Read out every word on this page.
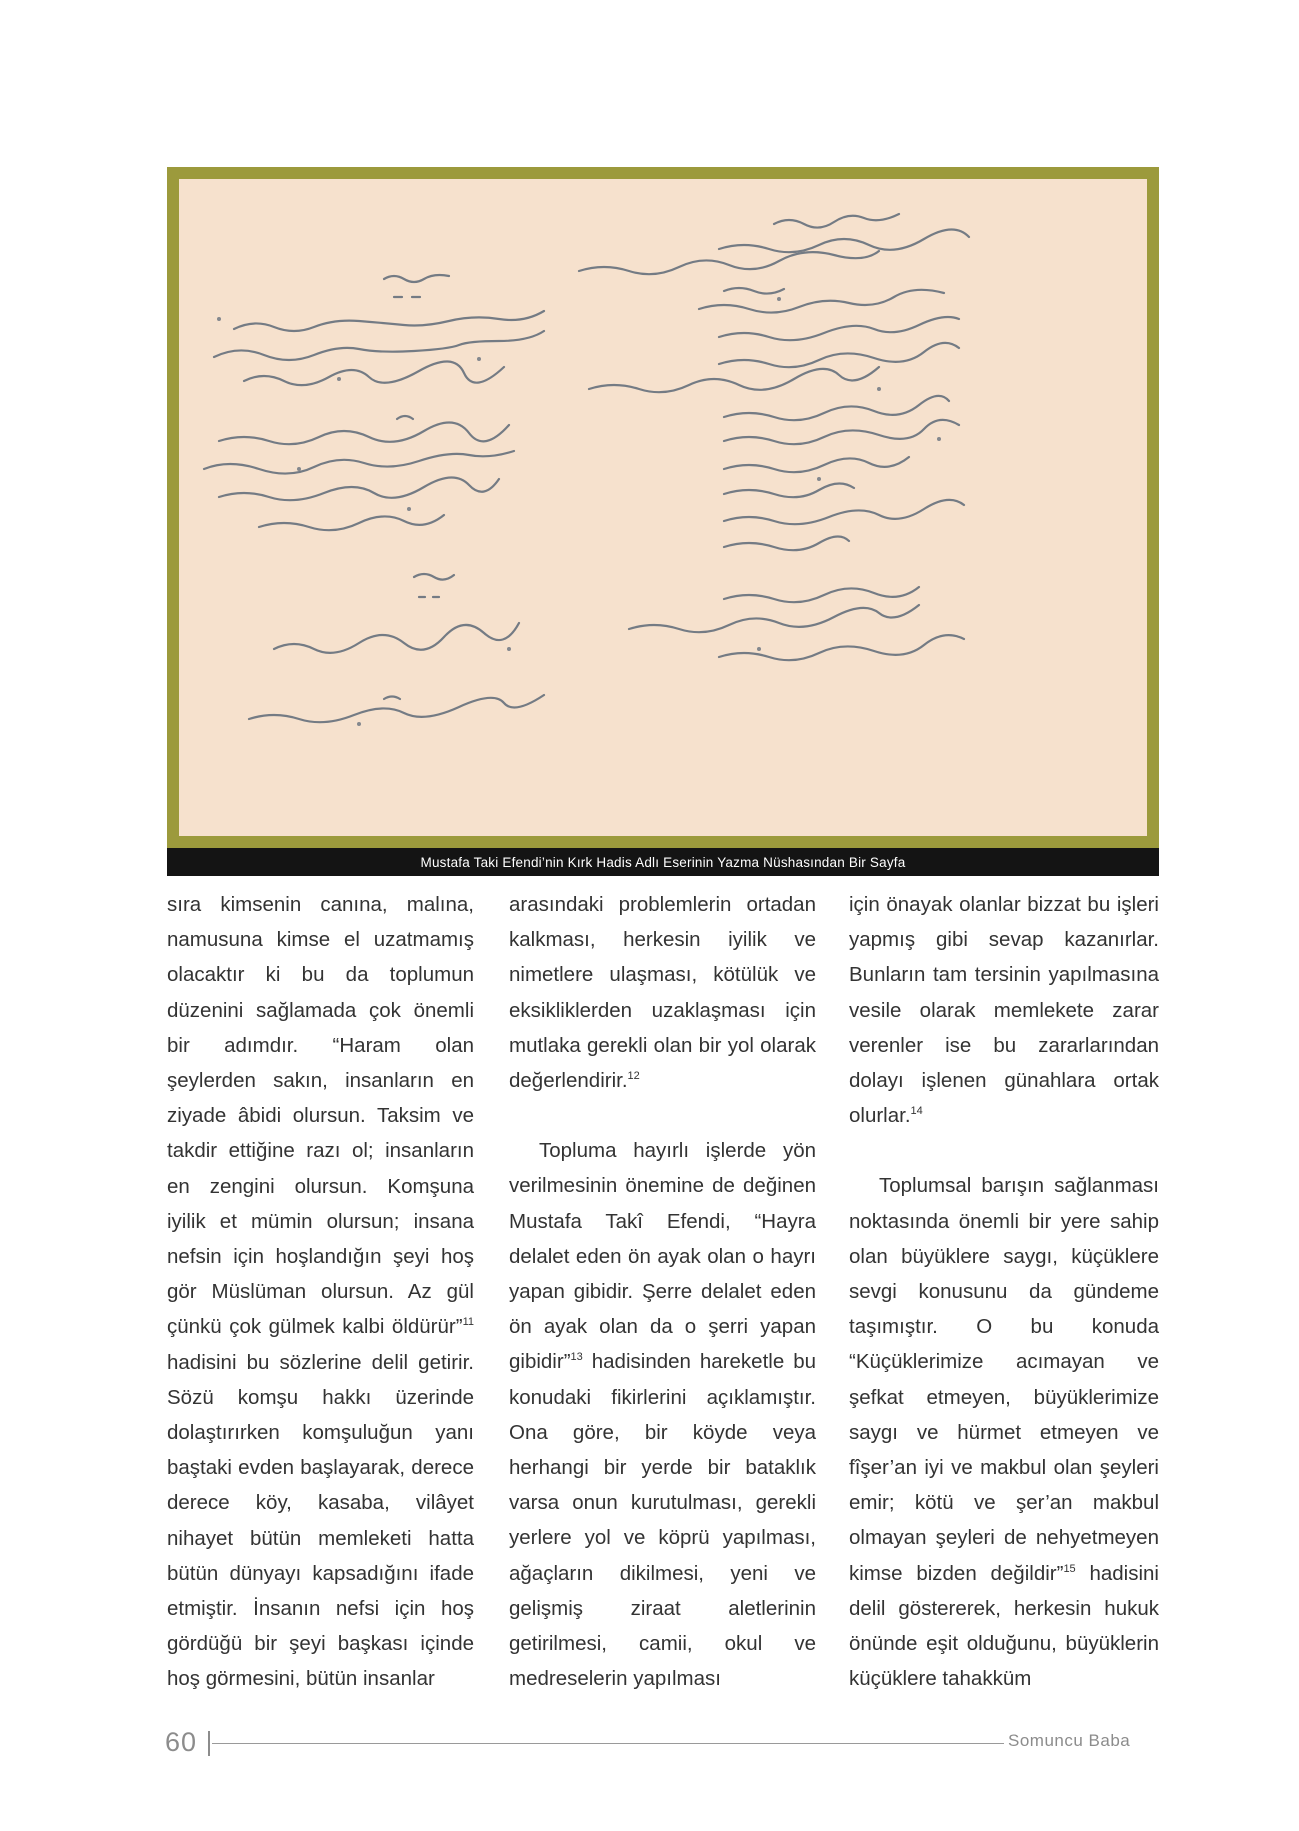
Mustafa Taki Efendi’nin Kırk Hadis Adlı Eserinin Yazma Nüshasından Bir Sayfa

sıra kimsenin canına, malına, namusuna kimse el uzatmamış olacaktır ki bu da toplumun düzenini sağlamada çok önemli bir adımdır. “Haram olan şeylerden sakın, insanların en ziyade âbidi olursun. Taksim ve takdir ettiğine razı ol; insanların en zengini olursun. Komşuna iyilik et mümin olursun; insana nefsin için hoşlandığın şeyi hoş gör Müslüman olursun. Az gül çünkü çok gülmek kalbi öldürür”$^{11}$ hadisini bu sözlerine delil getirir. Sözü komşu hakkı üzerinde dolaştırırken komşuluğun yanı baştaki evden başlayarak, derece derece köy, kasaba, vilâyet nihayet bütün memleketi hatta bütün dünyayı kapsadığını ifade etmiştir. İnsanın nefsi için hoş gördüğü bir şeyi başkası içinde hoş görmesini, bütün insanlar

arasındaki problemlerin ortadan kalkması, herkesin iyilik ve nimetlere ulaşması, kötülük ve eksikliklerden uzaklaşması için mutlaka gerekli olan bir yol olarak değerlendirir.$^{12}$

Topluma hayırlı işlerde yön verilmesinin önemine de değinen Mustafa Takî Efendi, “Hayra delalet eden ön ayak olan o hayrı yapan gibidir. Şerre delalet eden ön ayak olan da o şerri yapan gibidir”$^{13}$ hadisinden hareketle bu konudaki fikirlerini açıklamıştır. Ona göre, bir köyde veya herhangi bir yerde bir bataklık varsa onun kurutulması, gerekli yerlere yol ve köprü yapılması, ağaçların dikilmesi, yeni ve gelişmiş ziraat aletlerinin getirilmesi, camii, okul ve medreselerin yapılması

için önayak olanlar bizzat bu işleri yapmış gibi sevap kazanırlar. Bunların tam tersinin yapılmasına vesile olarak memlekete zarar verenler ise bu zararlarından dolayı işlenen günahlara ortak olurlar.$^{14}$

Toplumsal barışın sağlanması noktasında önemli bir yere sahip olan büyüklere saygı, küçüklere sevgi konusunu da gündeme taşımıştır. O bu konuda “Küçüklerimize acımayan ve şefkat etmeyen, büyüklerimize saygı ve hürmet etmeyen ve fîşer’an iyi ve makbul olan şeyleri emir; kötü ve şer’an makbul olmayan şeyleri de nehyetmeyen kimse bizden değildir”$^{15}$ hadisini delil göstererek, herkesin hukuk önünde eşit olduğunu, büyüklerin küçüklere tahakküm

60	Somuncu Baba
